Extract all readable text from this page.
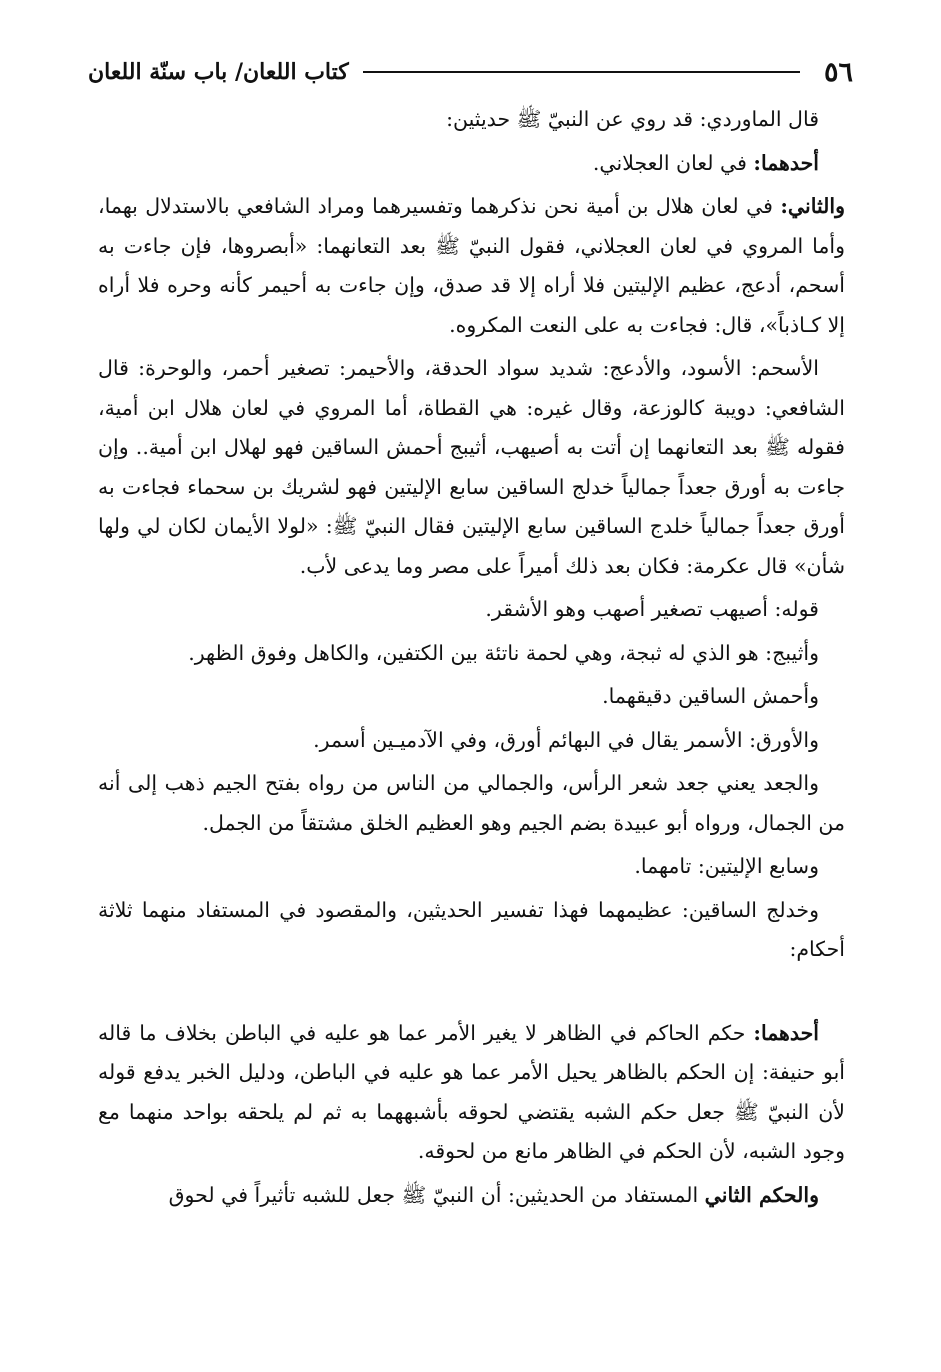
٥٦
كتاب اللعان/ باب سنّة اللعان

قال الماوردي: قد روي عن النبيّ ﷺ حديثين:

أحدهما: في لعان العجلاني.

والثاني: في لعان هلال بن أمية نحن نذكرهما وتفسيرهما ومراد الشافعي بالاستدلال بهما، وأما المروي في لعان العجلاني، فقول النبيّ ﷺ بعد التعانهما: «أبصروها، فإن جاءت به أسحم، أدعج، عظيم الإليتين فلا أراه إلا قد صدق، وإن جاءت به أحيمر كأنه وحره فلا أراه إلا كـاذباً»، قال: فجاءت به على النعت المكروه.

الأسحم: الأسود، والأدعج: شديد سواد الحدقة، والأحيمر: تصغير أحمر، والوحرة: قال الشافعي: دويبة كالوزعة، وقال غيره: هي القطاة، أما المروي في لعان هلال ابن أمية، فقوله ﷺ بعد التعانهما إن أتت به أصيهب، أثيبج أحمش الساقين فهو لهلال ابن أمية.. وإن جاءت به أورق جعداً جمالياً خدلج الساقين سابع الإليتين فهو لشريك بن سحماء فجاءت به أورق جعداً جمالياً خلدج الساقين سابع الإليتين فقال النبيّ ﷺ: «لولا الأيمان لكان لي ولها شأن» قال عكرمة: فكان بعد ذلك أميراً على مصر وما يدعى لأب.

قوله: أصيهب تصغير أصهب وهو الأشقر.

وأثيبج: هو الذي له ثبجة، وهي لحمة ناتئة بين الكتفين، والكاهل وفوق الظهر.

وأحمش الساقين دقيقهما.

والأورق: الأسمر يقال في البهائم أورق، وفي الآدميـين أسمر.

والجعد يعني جعد شعر الرأس، والجمالي من الناس من رواه بفتح الجيم ذهب إلى أنه من الجمال، ورواه أبو عبيدة بضم الجيم وهو العظيم الخلق مشتقاً من الجمل.

وسابع الإليتين: تامهما.

وخدلج الساقين: عظيمهما فهذا تفسير الحديثين، والمقصود في المستفاد منهما ثلاثة أحكام:

أحدهما: حكم الحاكم في الظاهر لا يغير الأمر عما هو عليه في الباطن بخلاف ما قاله أبو حنيفة: إن الحكم بالظاهر يحيل الأمر عما هو عليه في الباطن، ودليل الخبر يدفع قوله لأن النبيّ ﷺ جعل حكم الشبه يقتضي لحوقه بأشبههما به ثم لم يلحقه بواحد منهما مع وجود الشبه، لأن الحكم في الظاهر مانع من لحوقه.

والحكم الثاني المستفاد من الحديثين: أن النبيّ ﷺ جعل للشبه تأثيراً في لحوق
